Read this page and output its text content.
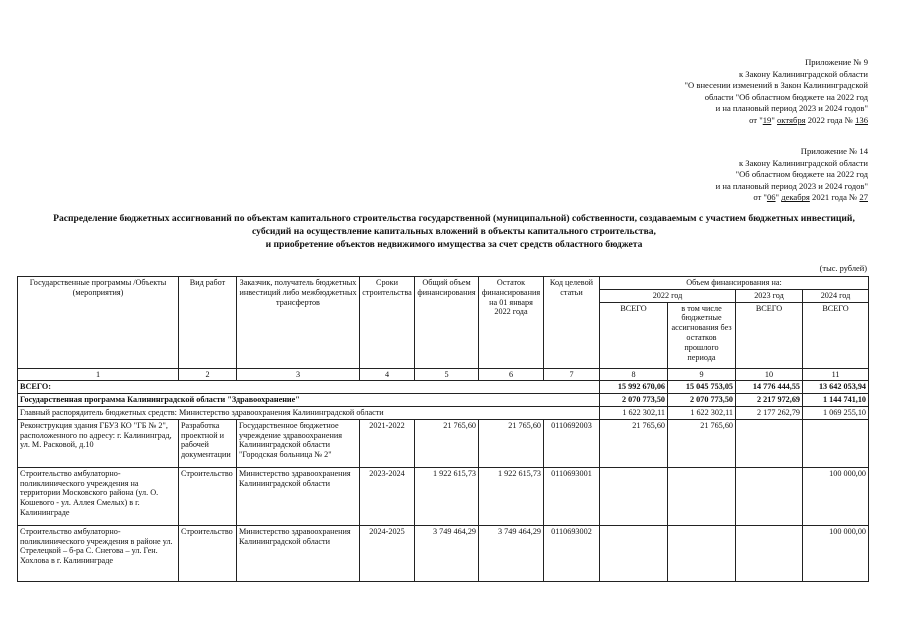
Приложение № 9
к Закону Калининградской области
"О внесении изменений в Закон Калининградской
области "Об областном бюджете на 2022 год
и на плановый период 2023 и 2024 годов"
от "19" октября 2022 года № 136
Приложение № 14
к Закону Калининградской области
"Об областном бюджете на 2022 год
и на плановый период 2023 и 2024 годов"
от "06" декабря 2021 года № 27
Распределение бюджетных ассигнований по объектам капитального строительства государственной (муниципальной) собственности, создаваемым с участием бюджетных инвестиций,
субсидий на осуществление капитальных вложений в объекты капитального строительства,
и приобретение объектов недвижимого имущества за счет средств областного бюджета
(тыс. рублей)
Государственные программы /Объекты (мероприятия)	Вид работ	Заказчик, получатель бюджетных инвестиций либо межбюджетных трансфертов	Сроки строительства	Общий объем финансирования	Остаток финансирования на 01 января 2022 года	Код целевой статьи	Объем финансирования на:			
							2022 год		2023 год	2024 год
							ВСЕГО	в том числе бюджетные ассигнования без остатков прошлого периода	ВСЕГО	ВСЕГО
1	2	3	4	5	6	7	8	9	10	11
ВСЕГО:							15 992 670,06	15 045 753,05	14 776 444,55	13 642 053,94
Государственная программа Калининградской области "Здравоохранение"							2 070 773,50	2 070 773,50	2 217 972,69	1 144 741,10
Главный распорядитель бюджетных средств: Министерство здравоохранения Калининградской области							1 622 302,11	1 622 302,11	2 177 262,79	1 069 255,10
Реконструкция здания ГБУЗ КО "ГБ № 2", расположенного по адресу: г. Калининград, ул. М. Расковой, д.10	Разработка проектной и рабочей документации	Государственное бюджетное учреждение здравоохранения Калининградской области "Городская больница № 2"	2021-2022	21 765,60	21 765,60	0110692003	21 765,60	21 765,60		
Строительство амбулаторно-поликлинического учреждения на территории Московского района (ул. О. Кошевого - ул. Аллея Смелых) в г. Калининграде	Строительство	Министерство здравоохранения Калининградской области	2023-2024	1 922 615,73	1 922 615,73	0110693001				100 000,00
Строительство амбулаторно-поликлинического учреждения в районе ул. Стрелецкой – б-ра С. Снегова – ул. Ген. Хохлова в г. Калининграде	Строительство	Министерство здравоохранения Калининградской области	2024-2025	3 749 464,29	3 749 464,29	0110693002				100 000,00
